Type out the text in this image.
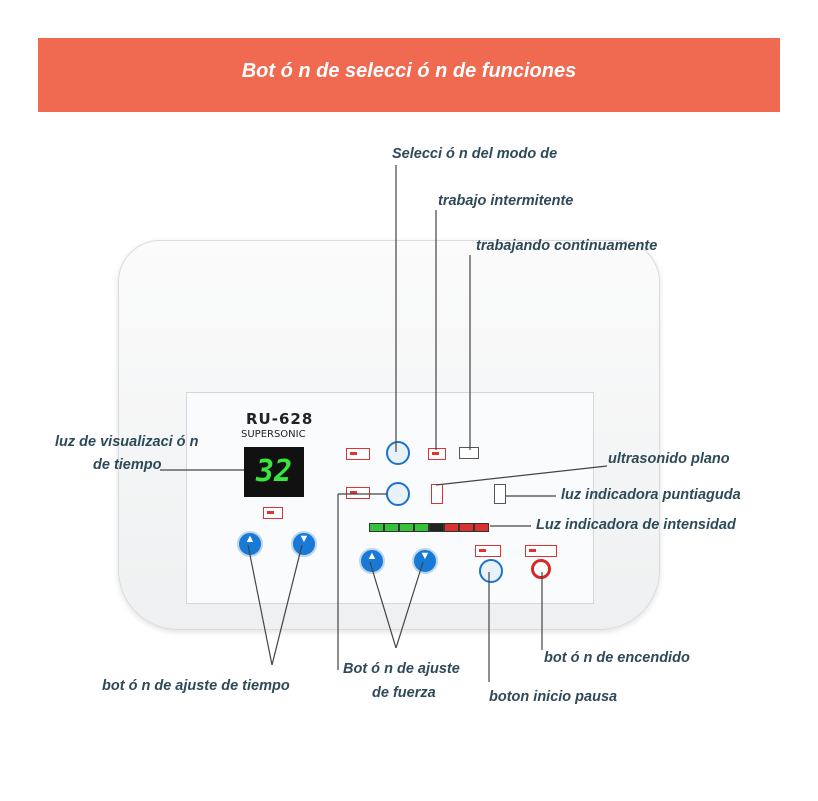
Bot ó n de selecci ó n de funciones
RU-628
SUPERSONIC
32
▲	▼
▲	▼
Selecci ó n del modo de
trabajo intermitente
trabajando continuamente
luz de visualizaci ó n
de tiempo	ultrasonido plano
luz indicadora puntiaguda
Luz indicadora de intensidad
bot ó n de ajuste de tiempo
Bot ó n de ajuste
de fuerza
bot ó n de encendido
boton inicio pausa
